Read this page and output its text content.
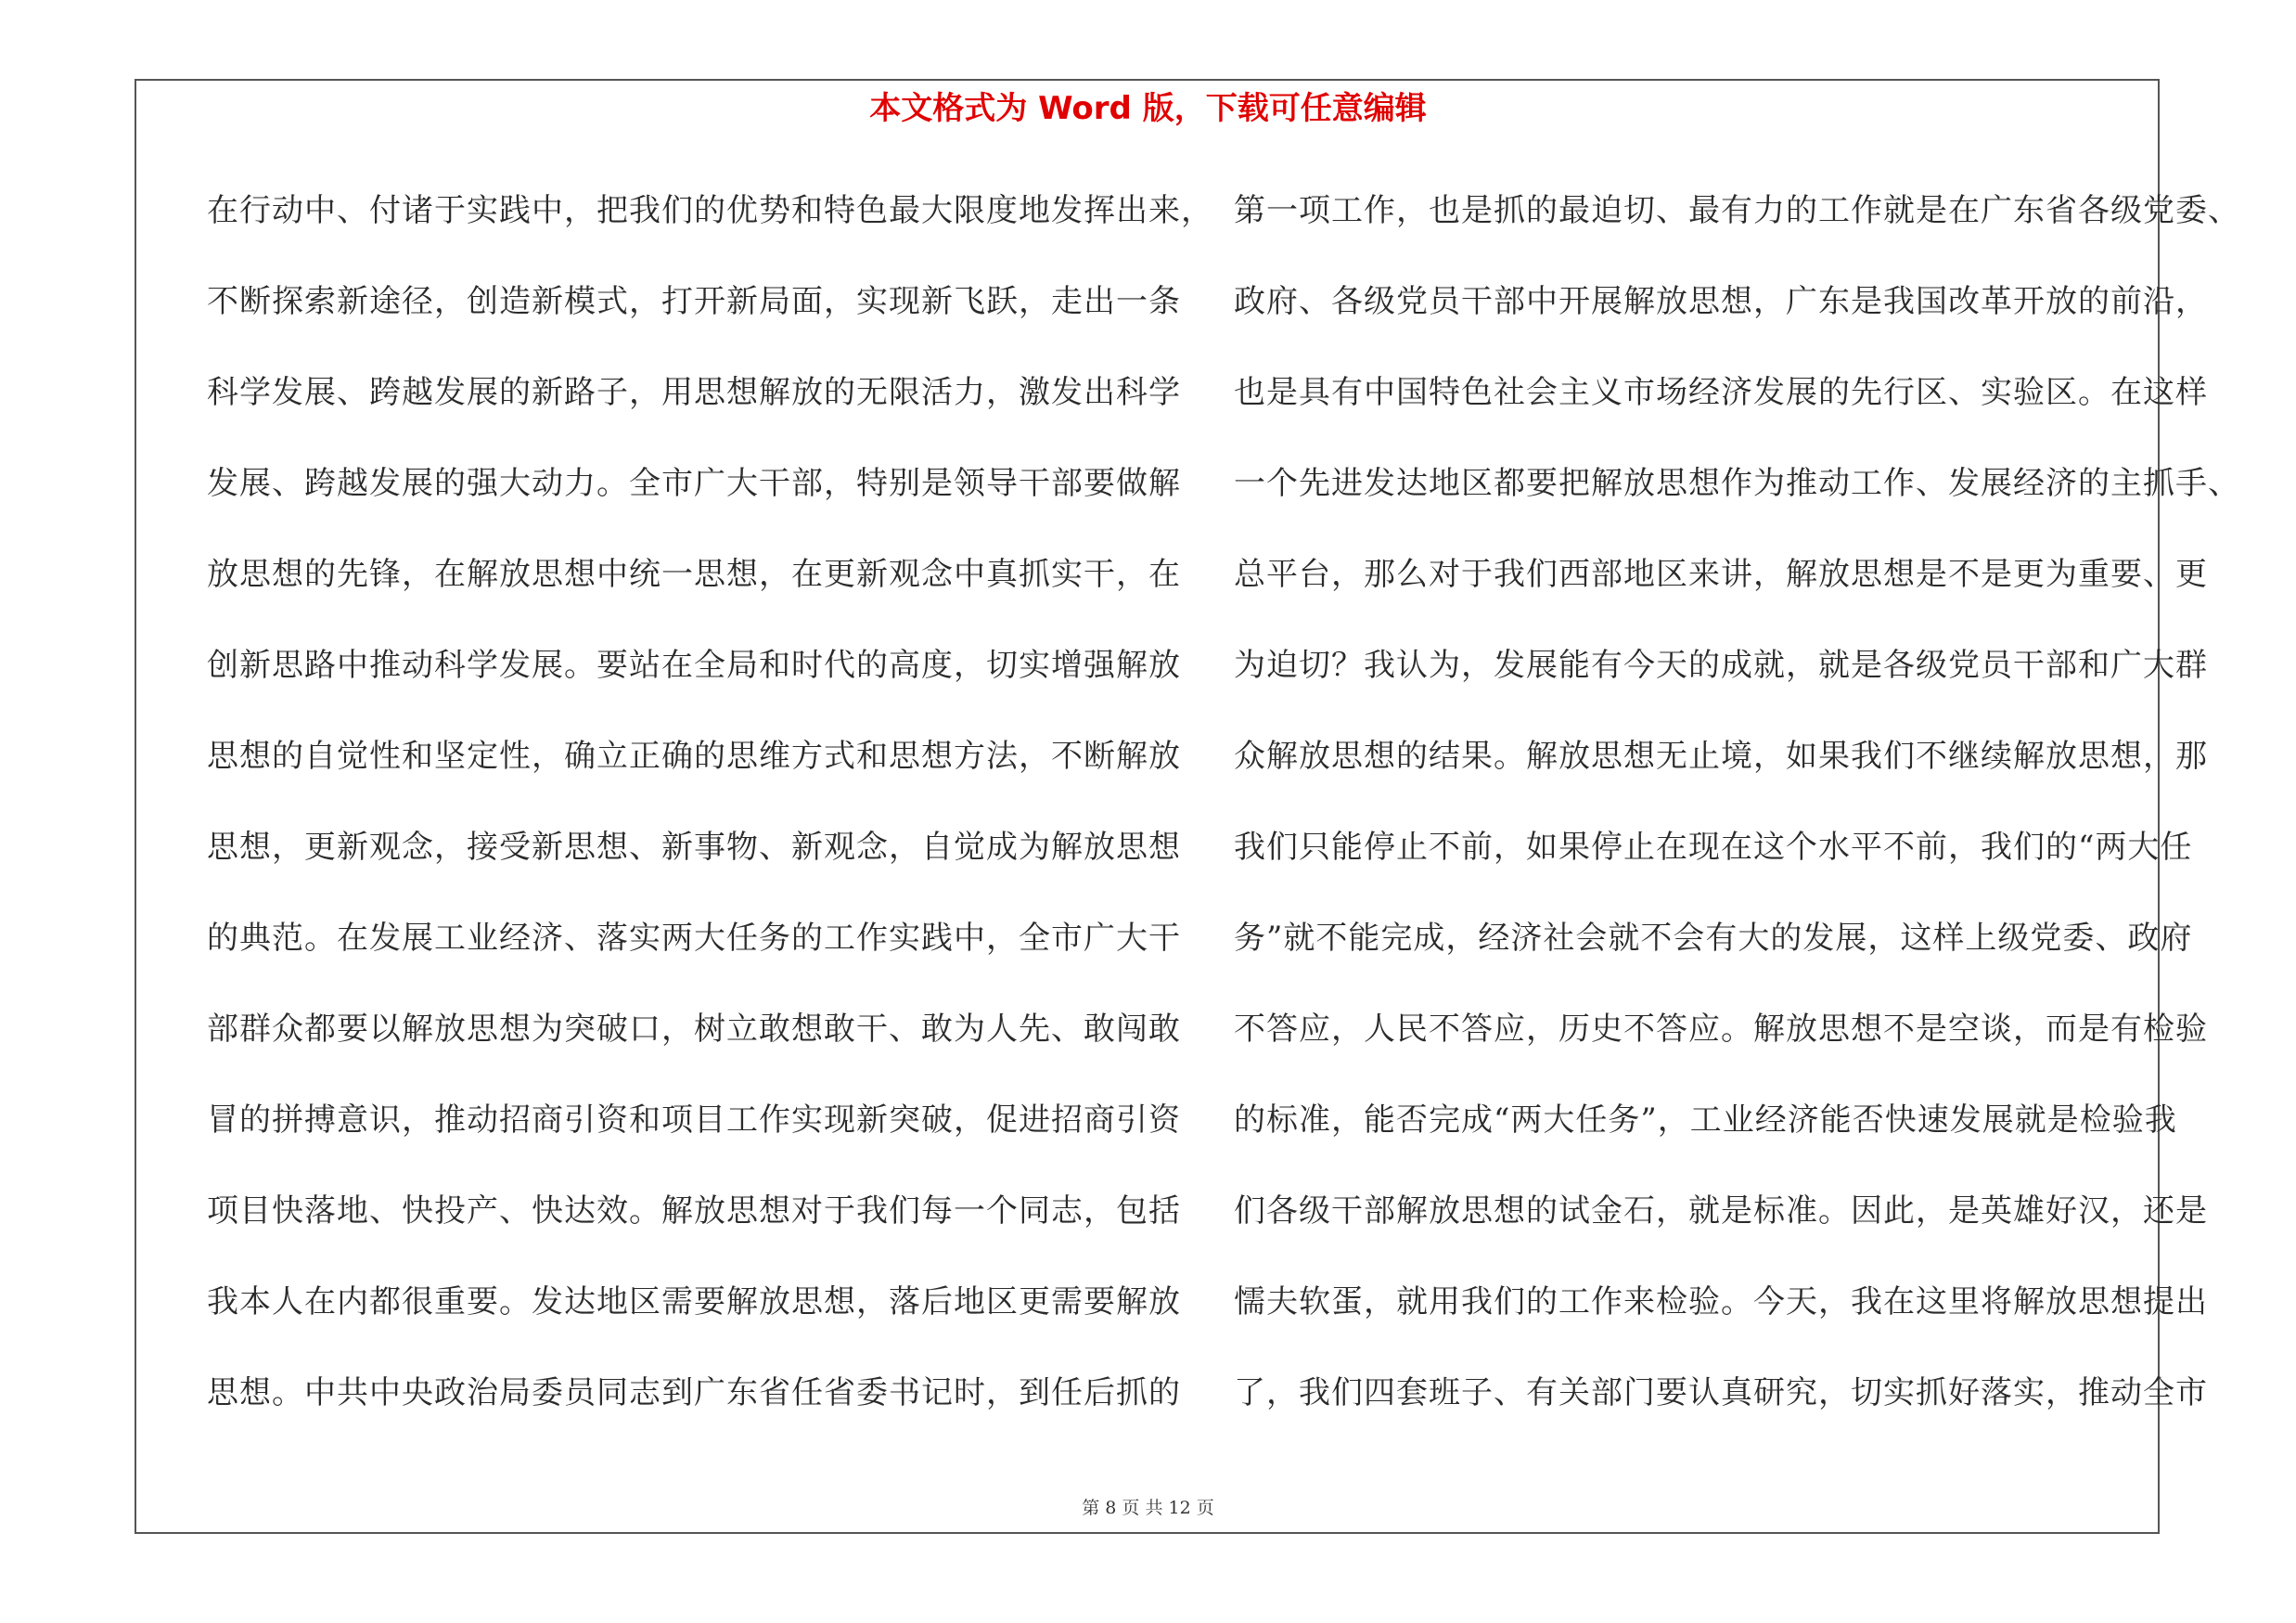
本文格式为 Word 版，下载可任意编辑
在行动中、付诸于实践中，把我们的优势和特色最大限度地发挥出来，
不断探索新途径，创造新模式，打开新局面，实现新飞跃，走出一条
科学发展、跨越发展的新路子，用思想解放的无限活力，激发出科学
发展、跨越发展的强大动力。全市广大干部，特别是领导干部要做解
放思想的先锋，在解放思想中统一思想，在更新观念中真抓实干，在
创新思路中推动科学发展。要站在全局和时代的高度，切实增强解放
思想的自觉性和坚定性，确立正确的思维方式和思想方法，不断解放
思想，更新观念，接受新思想、新事物、新观念，自觉成为解放思想
的典范。在发展工业经济、落实两大任务的工作实践中，全市广大干
部群众都要以解放思想为突破口，树立敢想敢干、敢为人先、敢闯敢
冒的拼搏意识，推动招商引资和项目工作实现新突破，促进招商引资
项目快落地、快投产、快达效。解放思想对于我们每一个同志，包括
我本人在内都很重要。发达地区需要解放思想，落后地区更需要解放
思想。中共中央政治局委员同志到广东省任省委书记时，到任后抓的
第一项工作，也是抓的最迫切、最有力的工作就是在广东省各级党委、
政府、各级党员干部中开展解放思想，广东是我国改革开放的前沿，
也是具有中国特色社会主义市场经济发展的先行区、实验区。在这样
一个先进发达地区都要把解放思想作为推动工作、发展经济的主抓手、
总平台，那么对于我们西部地区来讲，解放思想是不是更为重要、更
为迫切？我认为，发展能有今天的成就，就是各级党员干部和广大群
众解放思想的结果。解放思想无止境，如果我们不继续解放思想，那
我们只能停止不前，如果停止在现在这个水平不前，我们的“两大任
务”就不能完成，经济社会就不会有大的发展，这样上级党委、政府
不答应，人民不答应，历史不答应。解放思想不是空谈，而是有检验
的标准，能否完成“两大任务”，工业经济能否快速发展就是检验我
们各级干部解放思想的试金石，就是标准。因此，是英雄好汉，还是
懦夫软蛋，就用我们的工作来检验。今天，我在这里将解放思想提出
了，我们四套班子、有关部门要认真研究，切实抓好落实，推动全市
第 8 页 共 12 页
